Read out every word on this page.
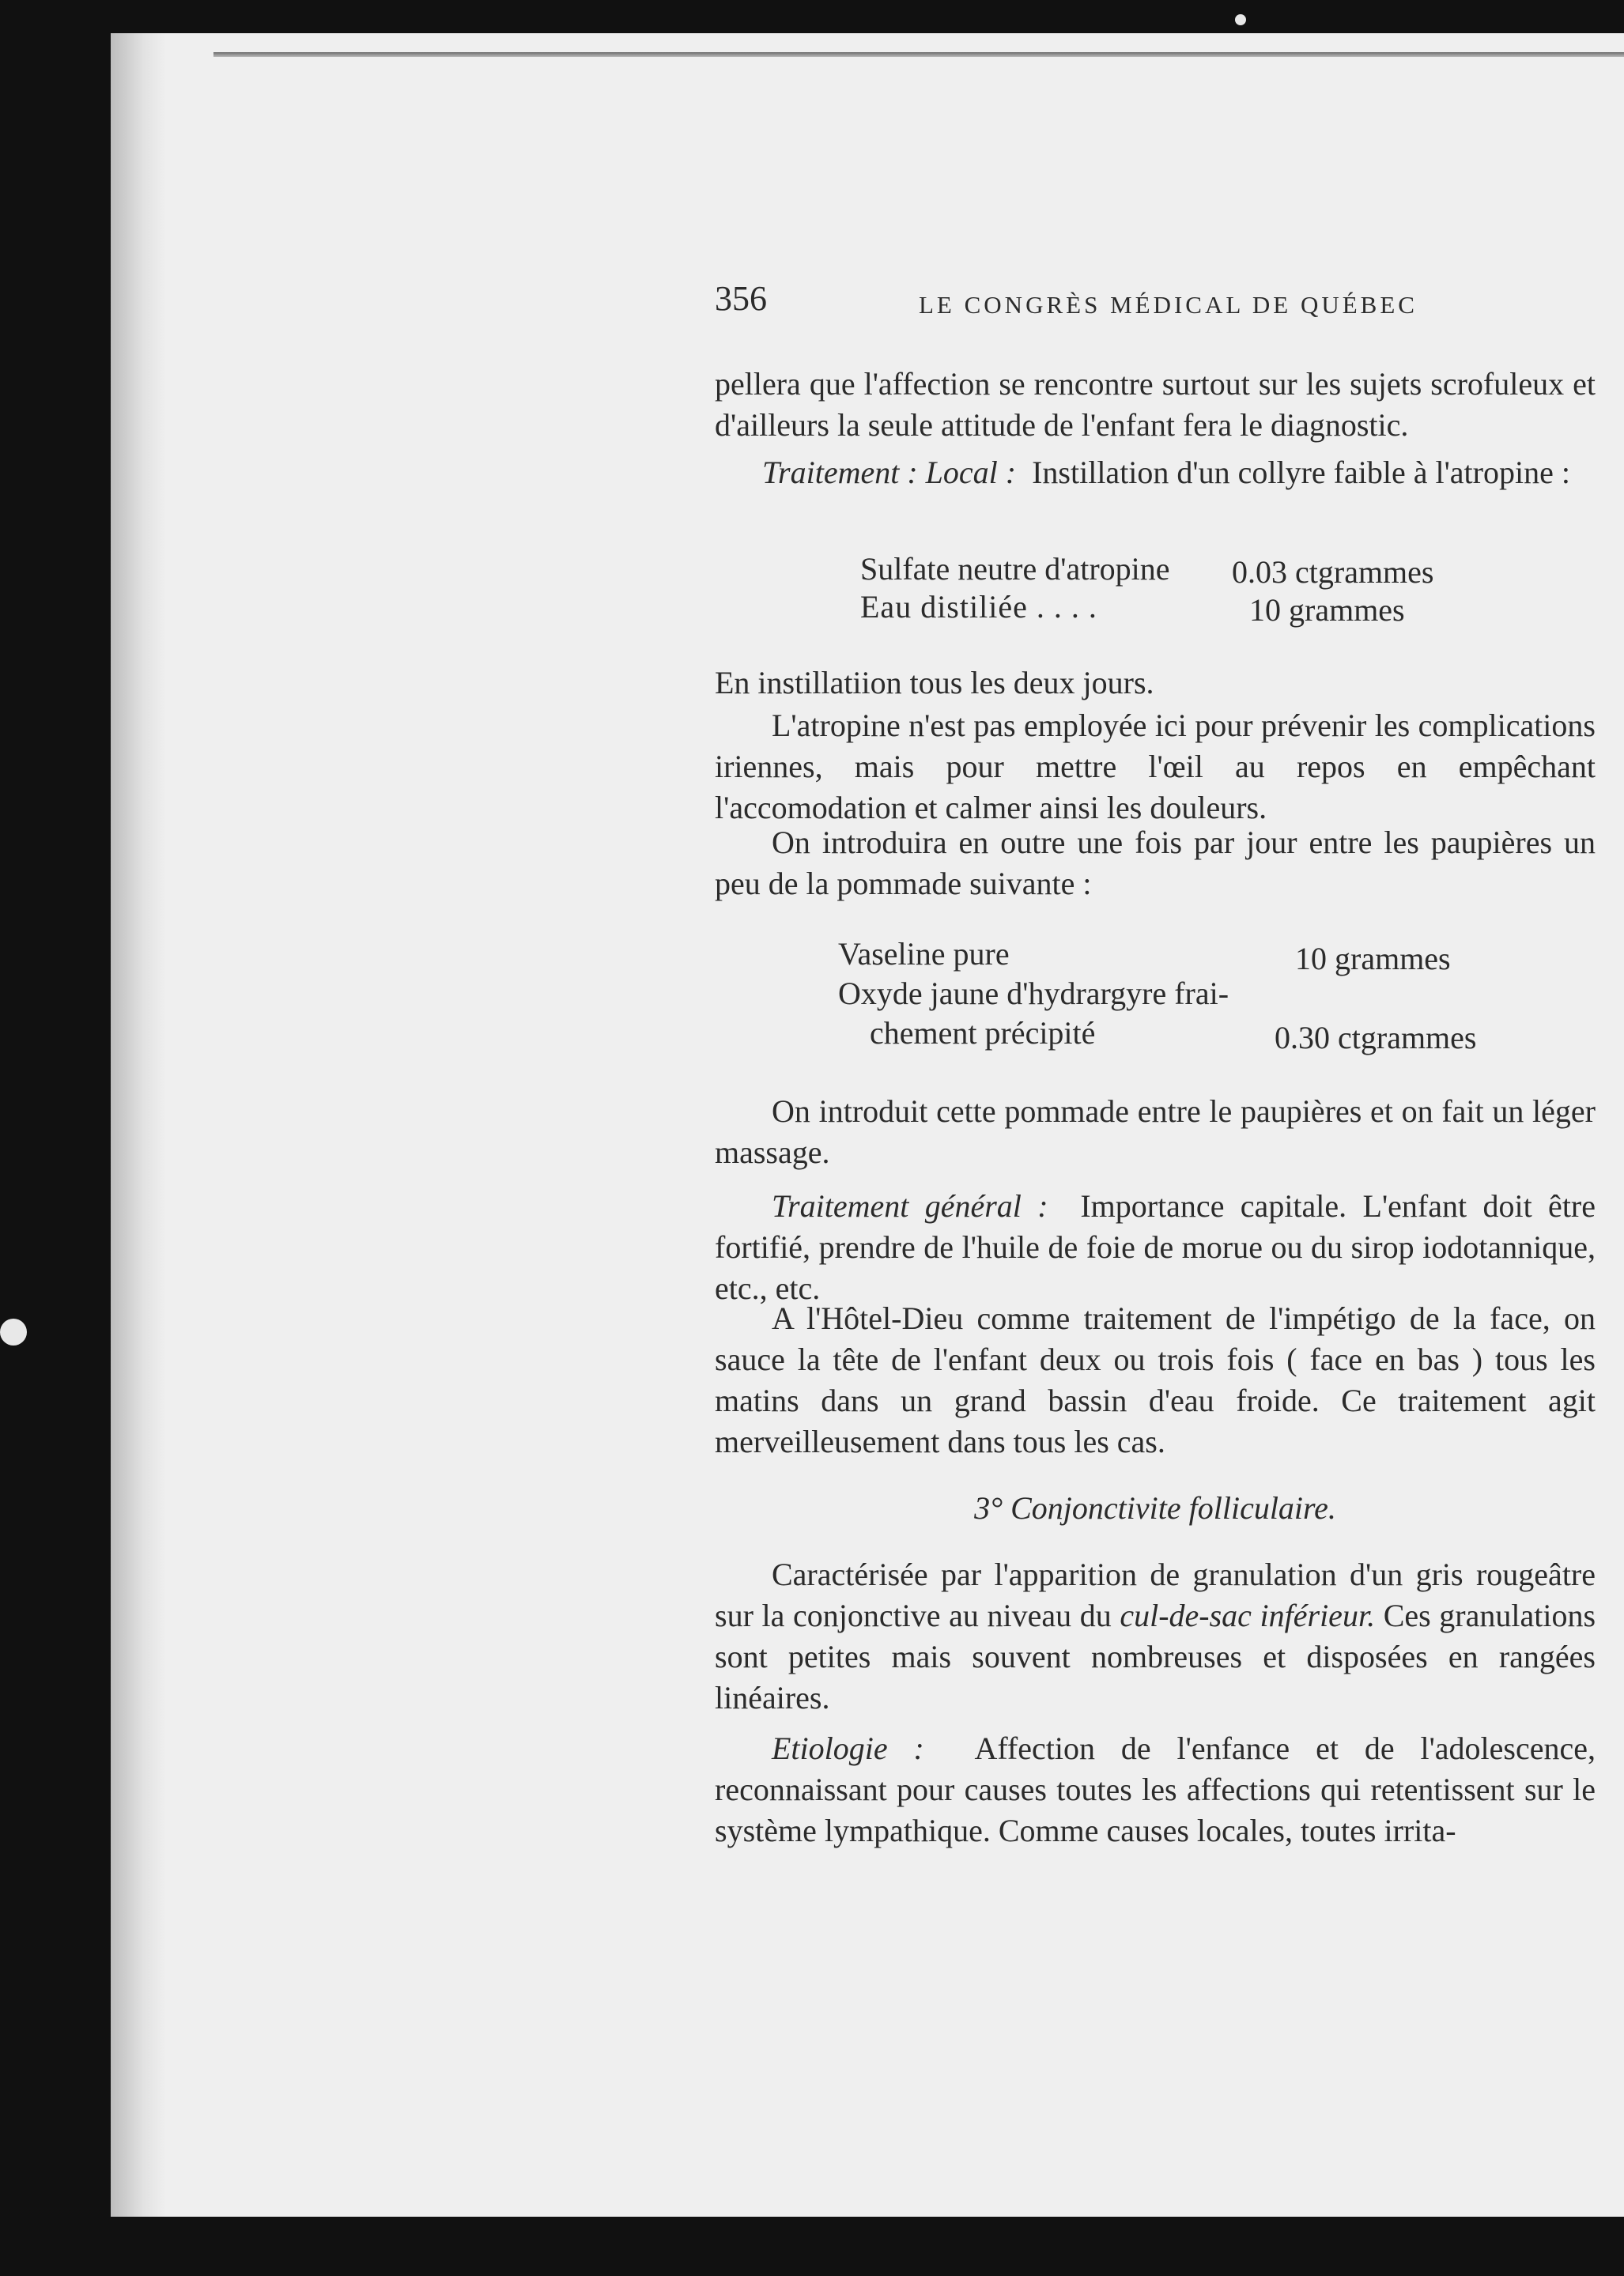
356	LE CONGRÈS MÉDICAL DE QUÉBEC

pellera que l'affection se rencontre surtout sur les sujets scrofuleux et d'ailleurs la seule attitude de l'enfant fera le diagnostic.

Traitement : Local : Instillation d'un collyre faible à l'atropine :

Sulfate neutre d'atropine 0.03 ctgrammes
Eau distiliée . . . .	10 grammes

En instillatiion tous les deux jours.

L'atropine n'est pas employée ici pour prévenir les complications iriennes, mais pour mettre l'œil au repos en empêchant l'accomodation et calmer ainsi les douleurs.

On introduira en outre une fois par jour entre les paupières un peu de la pommade suivante :

Vaseline pure	10 grammes
Oxyde jaune d'hydrargyre frai-
chement précipité	0.30 ctgrammes

On introduit cette pommade entre le paupières et on fait un léger massage.

Traitement général : Importance capitale. L'enfant doit être fortifié, prendre de l'huile de foie de morue ou du sirop iodotannique, etc., etc.

A l'Hôtel-Dieu comme traitement de l'impétigo de la face, on sauce la tête de l'enfant deux ou trois fois ( face en bas ) tous les matins dans un grand bassin d'eau froide. Ce traitement agit merveilleusement dans tous les cas.

3° Conjonctivite folliculaire.

Caractérisée par l'apparition de granulation d'un gris rougeâtre sur la conjonctive au niveau du cul-de-sac inférieur. Ces granulations sont petites mais souvent nombreuses et disposées en rangées linéaires.

Etiologie : Affection de l'enfance et de l'adolescence, reconnaissant pour causes toutes les affections qui retentissent sur le système lympathique. Comme causes locales, toutes irrita-
